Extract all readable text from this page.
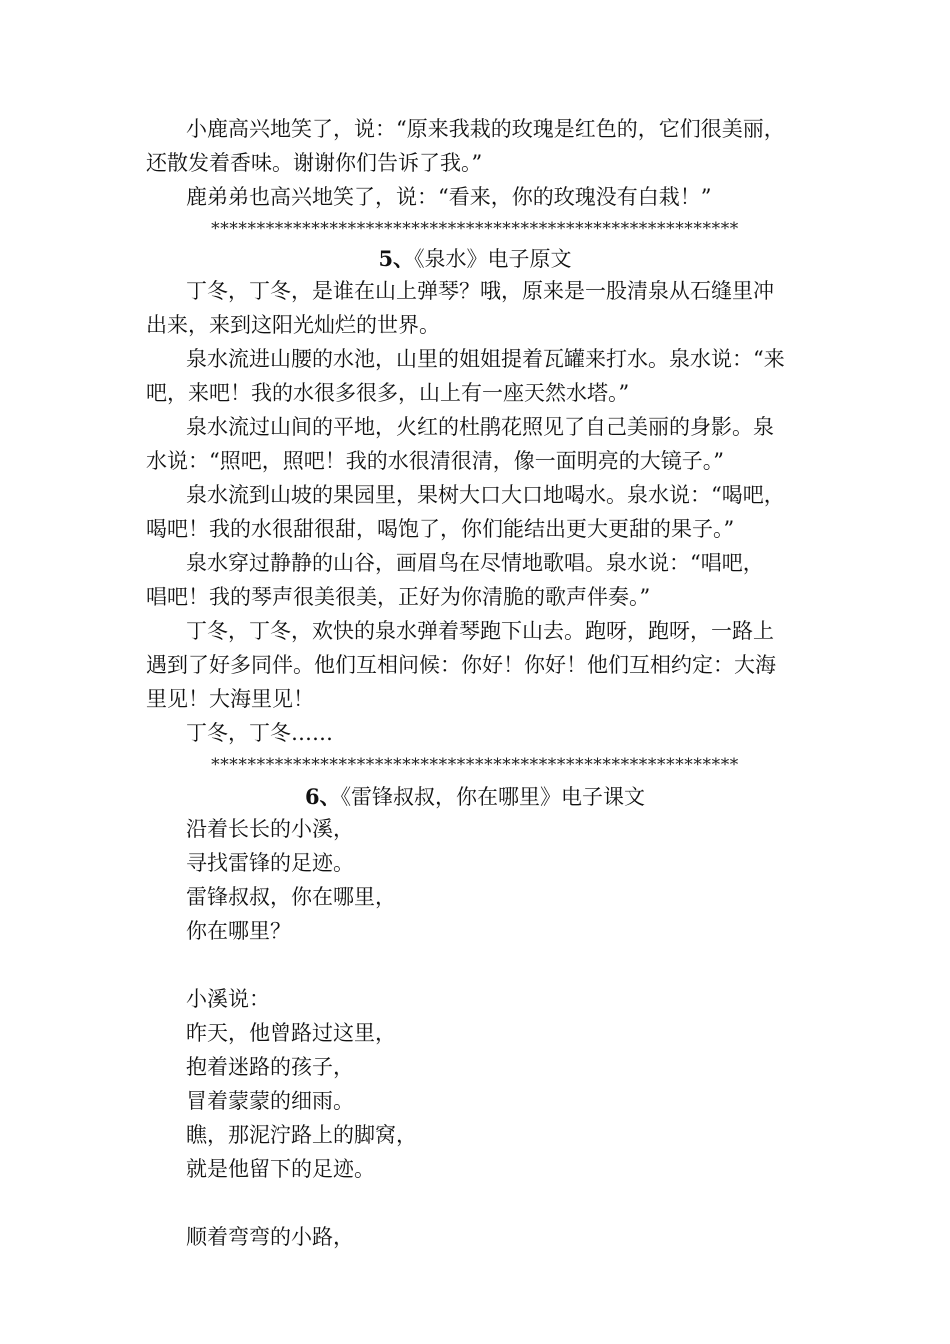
小鹿高兴地笑了，说：“原来我栽的玫瑰是红色的，它们很美丽，
还散发着香味。谢谢你们告诉了我。”
鹿弟弟也高兴地笑了，说：“看来，你的玫瑰没有白栽！”
**********************************************************
5、《泉水》电子原文
丁冬，丁冬，是谁在山上弹琴？哦，原来是一股清泉从石缝里冲
出来，来到这阳光灿烂的世界。
泉水流进山腰的水池，山里的姐姐提着瓦罐来打水。泉水说：“来
吧，来吧！我的水很多很多，山上有一座天然水塔。”
泉水流过山间的平地，火红的杜鹃花照见了自己美丽的身影。泉
水说：“照吧，照吧！我的水很清很清，像一面明亮的大镜子。”
泉水流到山坡的果园里，果树大口大口地喝水。泉水说：“喝吧，
喝吧！我的水很甜很甜，喝饱了，你们能结出更大更甜的果子。”
泉水穿过静静的山谷，画眉鸟在尽情地歌唱。泉水说：“唱吧，
唱吧！我的琴声很美很美，正好为你清脆的歌声伴奏。”
丁冬，丁冬，欢快的泉水弹着琴跑下山去。跑呀，跑呀，一路上
遇到了好多同伴。他们互相问候：你好！你好！他们互相约定：大海
里见！大海里见！
丁冬，丁冬……
**********************************************************
6、《雷锋叔叔，你在哪里》电子课文
沿着长长的小溪，
寻找雷锋的足迹。
雷锋叔叔，你在哪里，
你在哪里？
小溪说：
昨天，他曾路过这里，
抱着迷路的孩子，
冒着蒙蒙的细雨。
瞧，那泥泞路上的脚窝，
就是他留下的足迹。
顺着弯弯的小路，
